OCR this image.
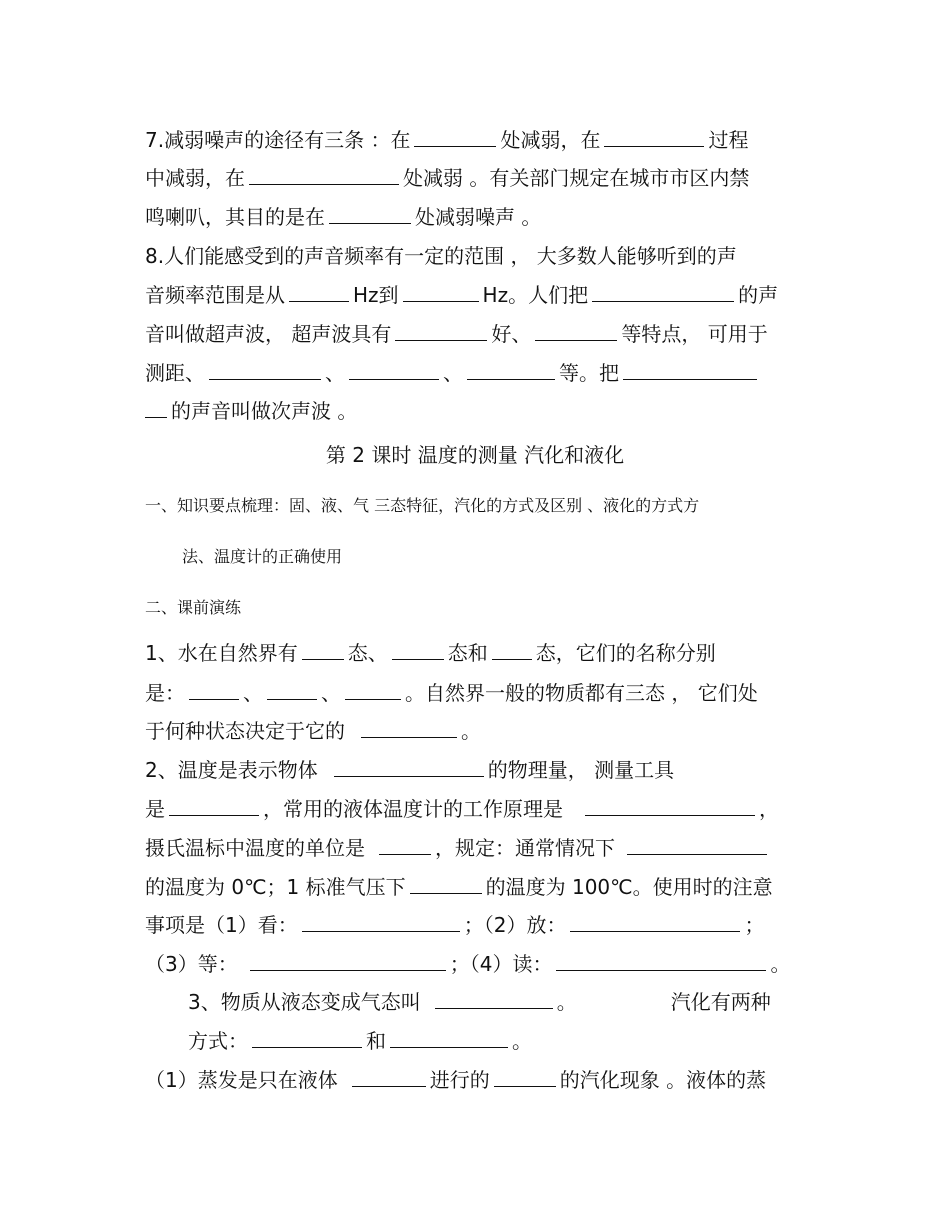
7.减弱噪声的途径有三条 ：在	处减弱，在	过程
中减弱，在	处减弱 。有关部门规定在城市市区内禁
鸣喇叭，其目的是在	处减弱噪声 。
8.人们能感受到的声音频率有一定的范围 ， 大多数人能够听到的声
音频率范围是从	Hz到	Hz。人们把	的声
音叫做超声波， 超声波具有	好、	等特点， 可用于
测距、	、	、	等。把
的声音叫做次声波 。
第 2 课时 温度的测量 汽化和液化
一、知识要点梳理：固、液、气 三态特征，汽化的方式及区别 、液化的方式方
法、温度计的正确使用
二、课前演练
1、水在自然界有	态、	态和 态，它们的名称分别
是：	、	、	。自然界一般的物质都有三态 ， 它们处
于何种状态决定于它的	。
2、温度是表示物体	的物理量， 测量工具
是	，常用的液体温度计的工作原理是	，
摄氏温标中温度的单位是	，规定：通常情况下
的温度为 0℃；1 标准气压下	的温度为 100℃。使用时的注意
事项是（1）看：	；（2）放：	；
（3）等：	；（4）读：	。
3、物质从液态变成气态叫	。	汽化有两种
方式：	和	。
（1）蒸发是只在液体	进行的	的汽化现象 。液体的蒸
